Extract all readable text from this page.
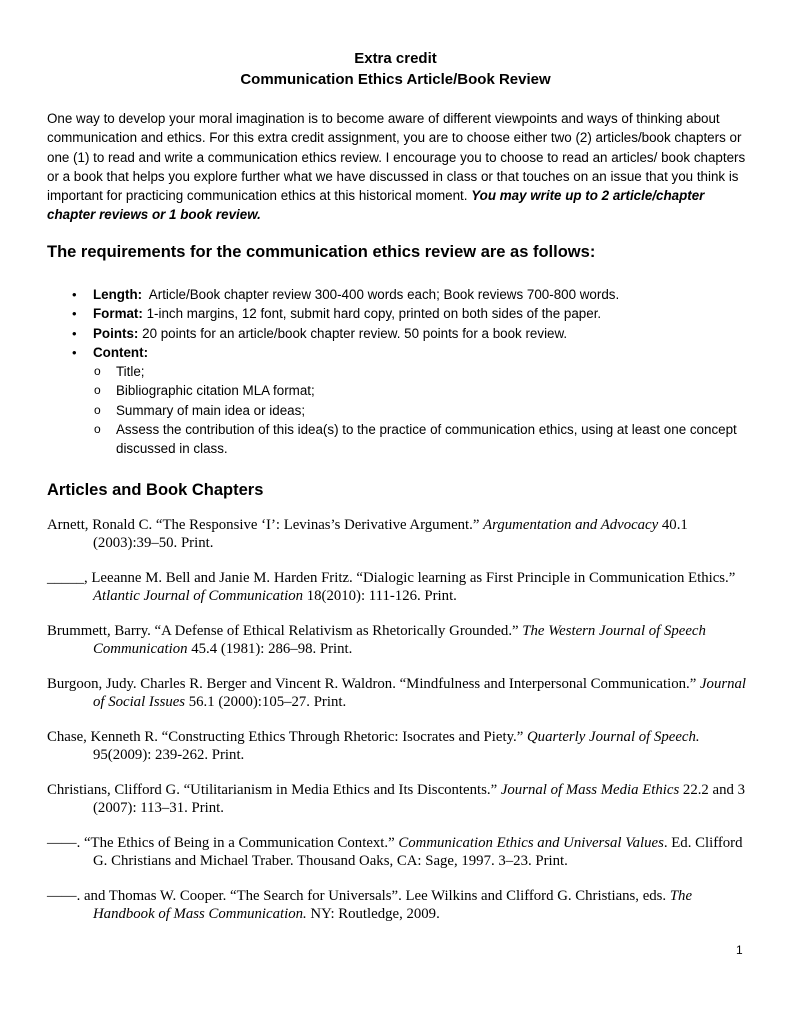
Extra credit
Communication Ethics Article/Book Review
One way to develop your moral imagination is to become aware of different viewpoints and ways of thinking about communication and ethics. For this extra credit assignment, you are to choose either two (2) articles/book chapters or one (1) to read and write a communication ethics review. I encourage you to choose to read an articles/ book chapters or a book that helps you explore further what we have discussed in class or that touches on an issue that you think is important for practicing communication ethics at this historical moment. You may write up to 2 article/chapter chapter reviews or 1 book review.
The requirements for the communication ethics review are as follows:
• Length: Article/Book chapter review 300-400 words each; Book reviews 700-800 words.
• Format: 1-inch margins, 12 font, submit hard copy, printed on both sides of the paper.
• Points: 20 points for an article/book chapter review. 50 points for a book review.
• Content:
o Title;
o Bibliographic citation MLA format;
o Summary of main idea or ideas;
o Assess the contribution of this idea(s) to the practice of communication ethics, using at least one concept discussed in class.
Articles and Book Chapters
Arnett, Ronald C. “The Responsive ‘I’: Levinas’s Derivative Argument.” Argumentation and Advocacy 40.1 (2003):39–50. Print.
_____, Leeanne M. Bell and Janie M. Harden Fritz. “Dialogic learning as First Principle in Communication Ethics.” Atlantic Journal of Communication 18(2010): 111-126. Print.
Brummett, Barry. “A Defense of Ethical Relativism as Rhetorically Grounded.” The Western Journal of Speech Communication 45.4 (1981): 286–98. Print.
Burgoon, Judy. Charles R. Berger and Vincent R. Waldron. “Mindfulness and Interpersonal Communication.” Journal of Social Issues 56.1 (2000):105–27. Print.
Chase, Kenneth R. “Constructing Ethics Through Rhetoric: Isocrates and Piety.” Quarterly Journal of Speech. 95(2009): 239-262. Print.
Christians, Clifford G. “Utilitarianism in Media Ethics and Its Discontents.” Journal of Mass Media Ethics 22.2 and 3 (2007): 113–31. Print.
——. “The Ethics of Being in a Communication Context.” Communication Ethics and Universal Values. Ed. Clifford G. Christians and Michael Traber. Thousand Oaks, CA: Sage, 1997. 3–23. Print.
——. and Thomas W. Cooper. “The Search for Universals”. Lee Wilkins and Clifford G. Christians, eds. The Handbook of Mass Communication. NY: Routledge, 2009.
1
